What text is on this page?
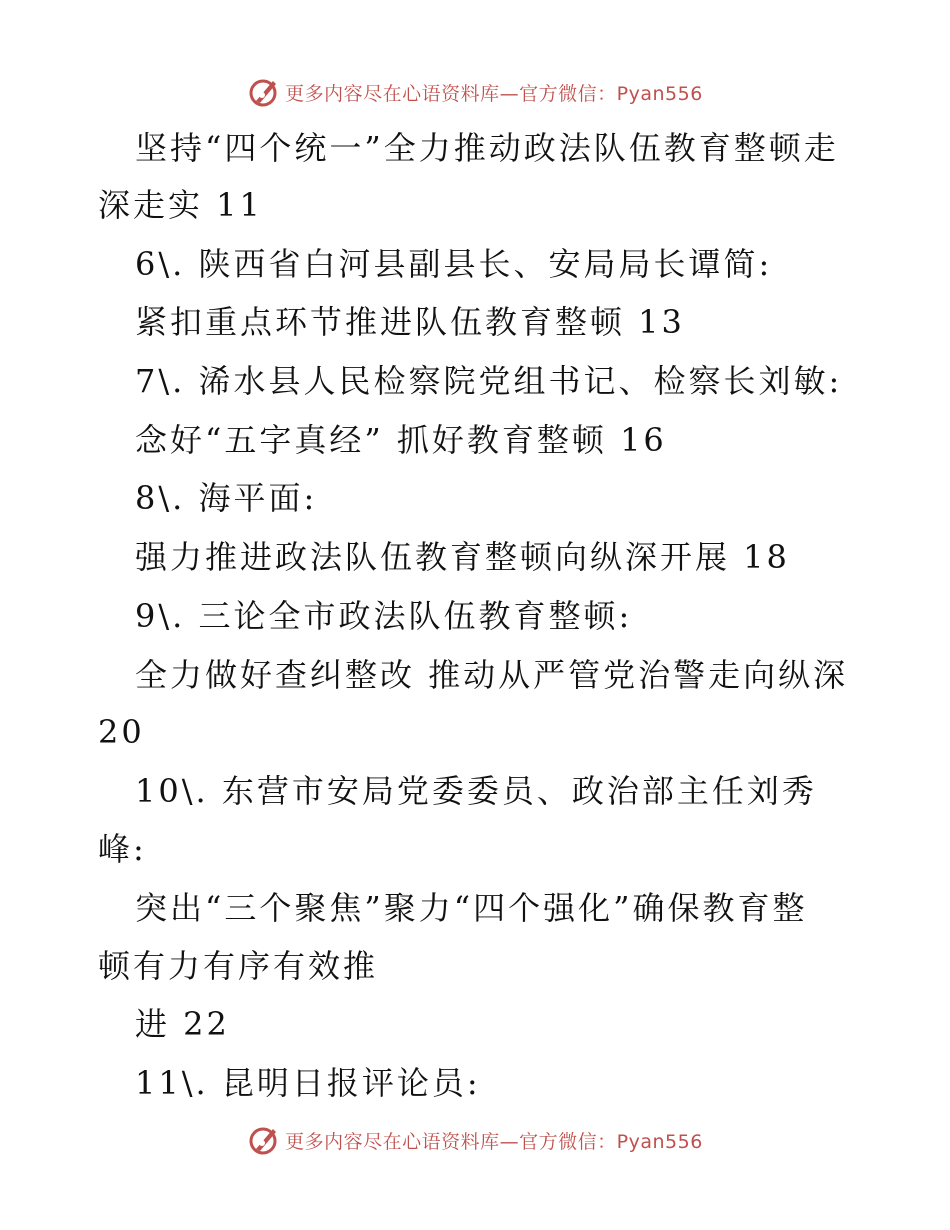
更多内容尽在心语资料库—官方微信：Pyan556
坚持“四个统一”全力推动政法队伍教育整顿走
深走实 11
6\. 陕西省白河县副县长、安局局长谭简:
紧扣重点环节推进队伍教育整顿 13
7\. 浠水县人民检察院党组书记、检察长刘敏:
念好“五字真经” 抓好教育整顿 16
8\. 海平面:
强力推进政法队伍教育整顿向纵深开展 18
9\. 三论全市政法队伍教育整顿:
全力做好查纠整改 推动从严管党治警走向纵深
20
10\. 东营市安局党委委员、政治部主任刘秀
峰:
突出“三个聚焦”聚力“四个强化”确保教育整
顿有力有序有效推
进 22
11\. 昆明日报评论员:
更多内容尽在心语资料库—官方微信：Pyan556
